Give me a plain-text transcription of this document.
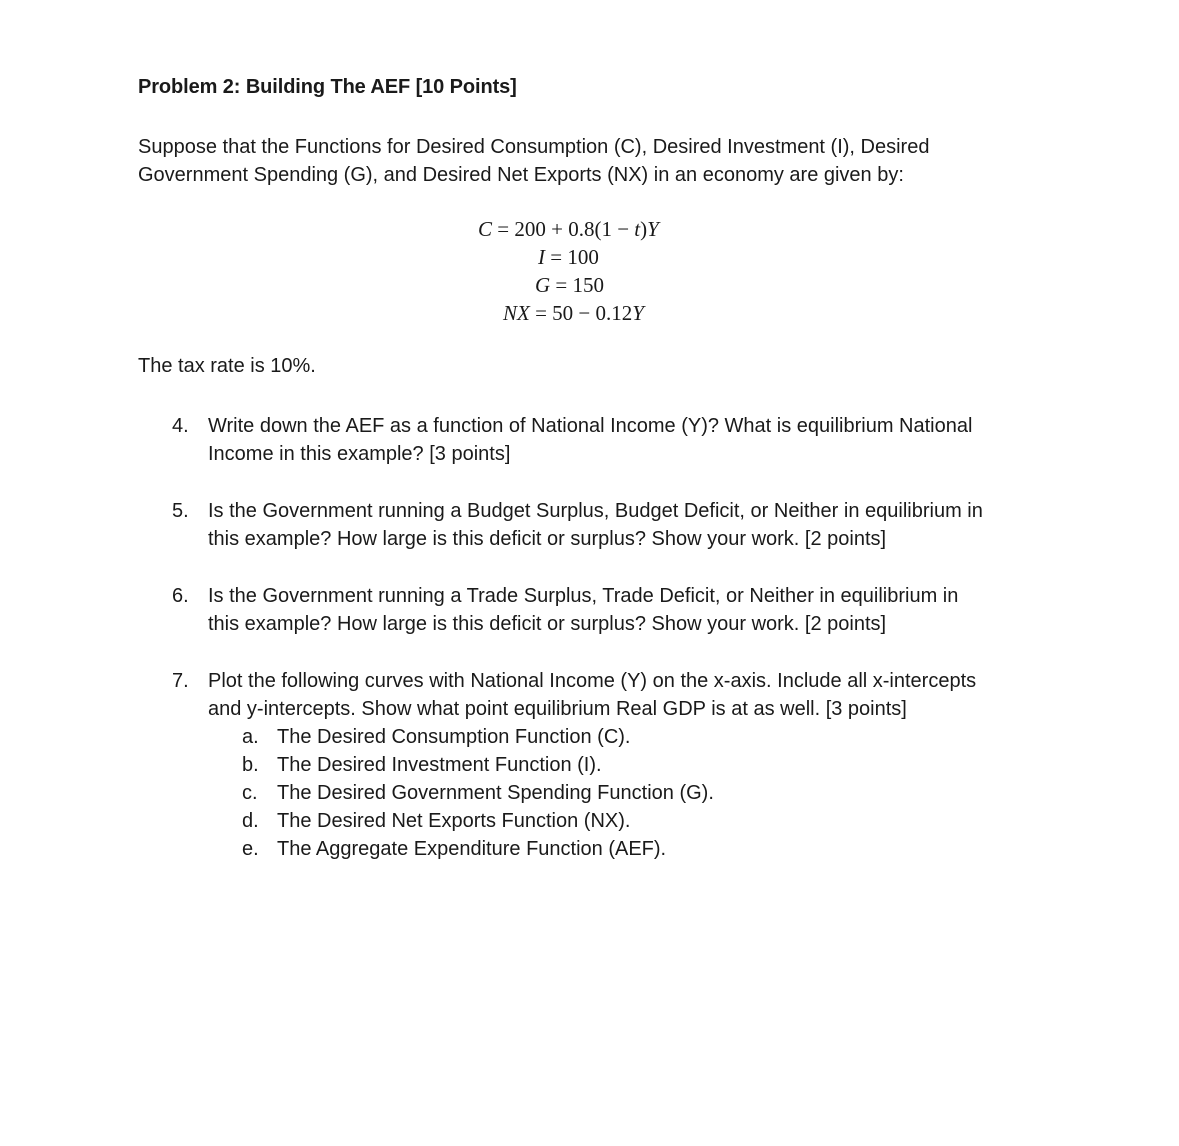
Problem 2: Building The AEF [10 Points]

Suppose that the Functions for Desired Consumption (C), Desired Investment (I), Desired

Government Spending (G), and Desired Net Exports (NX) in an economy are given by:

C = 200 + 0.8(1 − t)Y
I = 100
G = 150
NX = 50 − 0.12Y
The tax rate is 10%.
4. Write down the AEF as a function of National Income (Y)? What is equilibrium National

Income in this example? [3 points]

5. Is the Government running a Budget Surplus, Budget Deficit, or Neither in equilibrium in

this example? How large is this deficit or surplus? Show your work. [2 points]

6. Is the Government running a Trade Surplus, Trade Deficit, or Neither in equilibrium in

this example? How large is this deficit or surplus? Show your work. [2 points]

7. Plot the following curves with National Income (Y) on the x-axis. Include all x-intercepts

and y-intercepts. Show what point equilibrium Real GDP is at as well. [3 points]

a. The Desired Consumption Function (C).
b. The Desired Investment Function (I).
c. The Desired Government Spending Function (G).
d. The Desired Net Exports Function (NX).
e. The Aggregate Expenditure Function (AEF).
